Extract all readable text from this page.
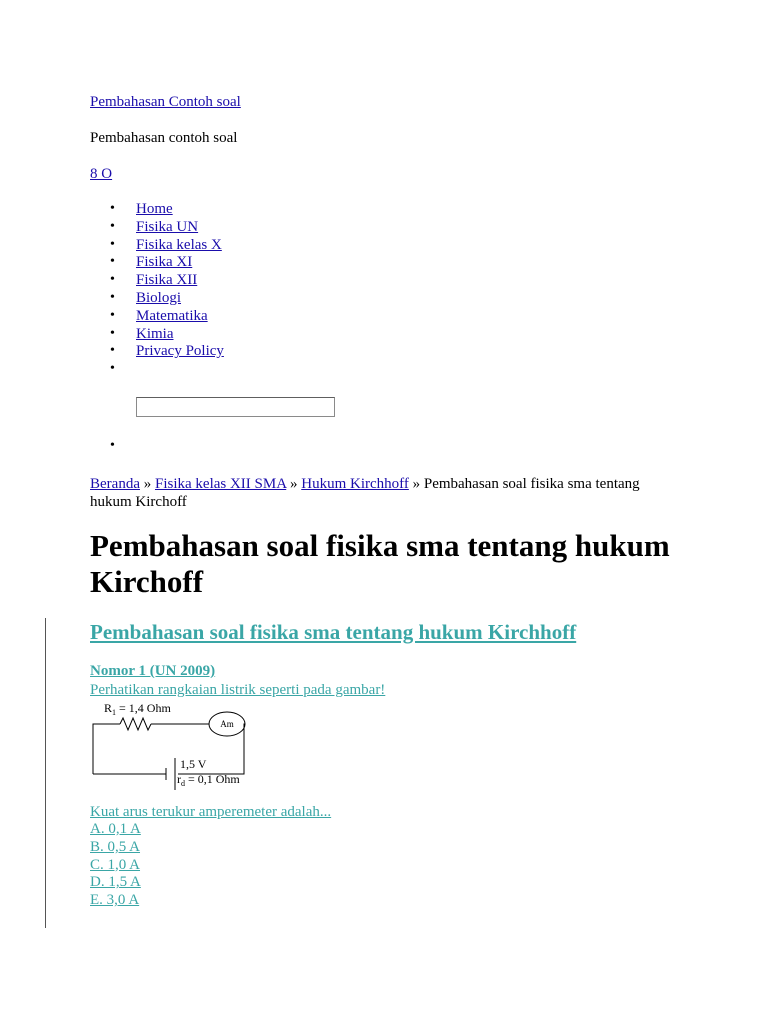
Pembahasan Contoh soal
Pembahasan contoh soal
8 O
• Home
• Fisika UN
• Fisika kelas X
• Fisika XI
• Fisika XII
• Biologi
• Matematika
• Kimia
• Privacy Policy
•
•
Beranda » Fisika kelas XII SMA » Hukum Kirchhoff » Pembahasan soal fisika sma tentang hukum Kirchoff
Pembahasan soal fisika sma tentang hukum Kirchoff
Pembahasan soal fisika sma tentang hukum Kirchhoff
Nomor 1 (UN 2009)
Perhatikan rangkaian listrik seperti pada gambar!
$R_1 = 1,4$ Ohm
Am
1,5 V
$r_d = 0,1$ Ohm
Kuat arus terukur amperemeter adalah...
A. 0,1 A
B. 0,5 A
C. 1,0 A
D. 1,5 A
E. 3,0 A
